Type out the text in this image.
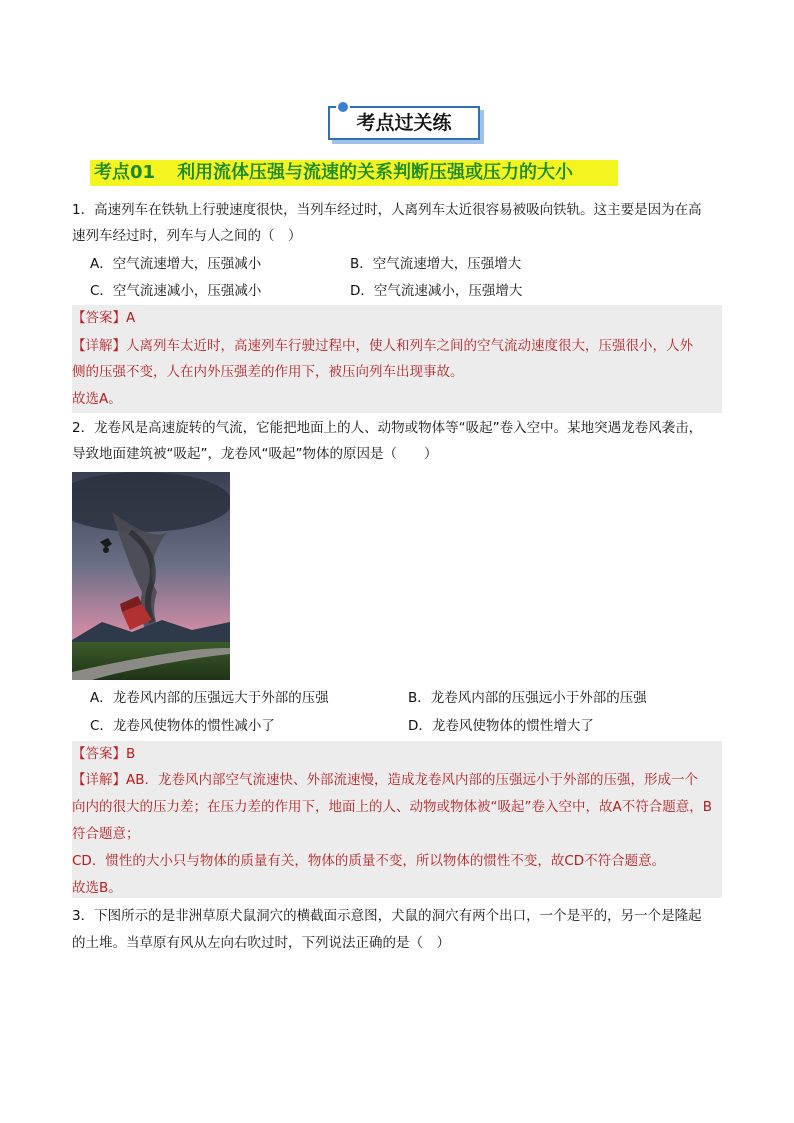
考点过关练
考点01 利用流体压强与流速的关系判断压强或压力的大小
1．高速列车在铁轨上行驶速度很快，当列车经过时，人离列车太近很容易被吸向铁轨。这主要是因为在高
速列车经过时，列车与人之间的（　）
A．空气流速增大，压强减小	B．空气流速增大，压强增大
C．空气流速减小，压强减小	D．空气流速减小，压强增大
【答案】A
【详解】人离列车太近时，高速列车行驶过程中，使人和列车之间的空气流动速度很大，压强很小，人外
侧的压强不变，人在内外压强差的作用下，被压向列车出现事故。
故选A。
2．龙卷风是高速旋转的气流，它能把地面上的人、动物或物体等“吸起”卷入空中。某地突遇龙卷风袭击，
导致地面建筑被“吸起”，龙卷风“吸起”物体的原因是（　　）
A．龙卷风内部的压强远大于外部的压强	B．龙卷风内部的压强远小于外部的压强
C．龙卷风使物体的惯性减小了	D．龙卷风使物体的惯性增大了
【答案】B
【详解】AB．龙卷风内部空气流速快、外部流速慢，造成龙卷风内部的压强远小于外部的压强，形成一个
向内的很大的压力差；在压力差的作用下，地面上的人、动物或物体被“吸起”卷入空中，故A不符合题意，B
符合题意；
CD．惯性的大小只与物体的质量有关，物体的质量不变，所以物体的惯性不变，故CD不符合题意。
故选B。
3．下图所示的是非洲草原犬鼠洞穴的横截面示意图，犬鼠的洞穴有两个出口，一个是平的，另一个是隆起
的土堆。当草原有风从左向右吹过时，下列说法正确的是（　）
